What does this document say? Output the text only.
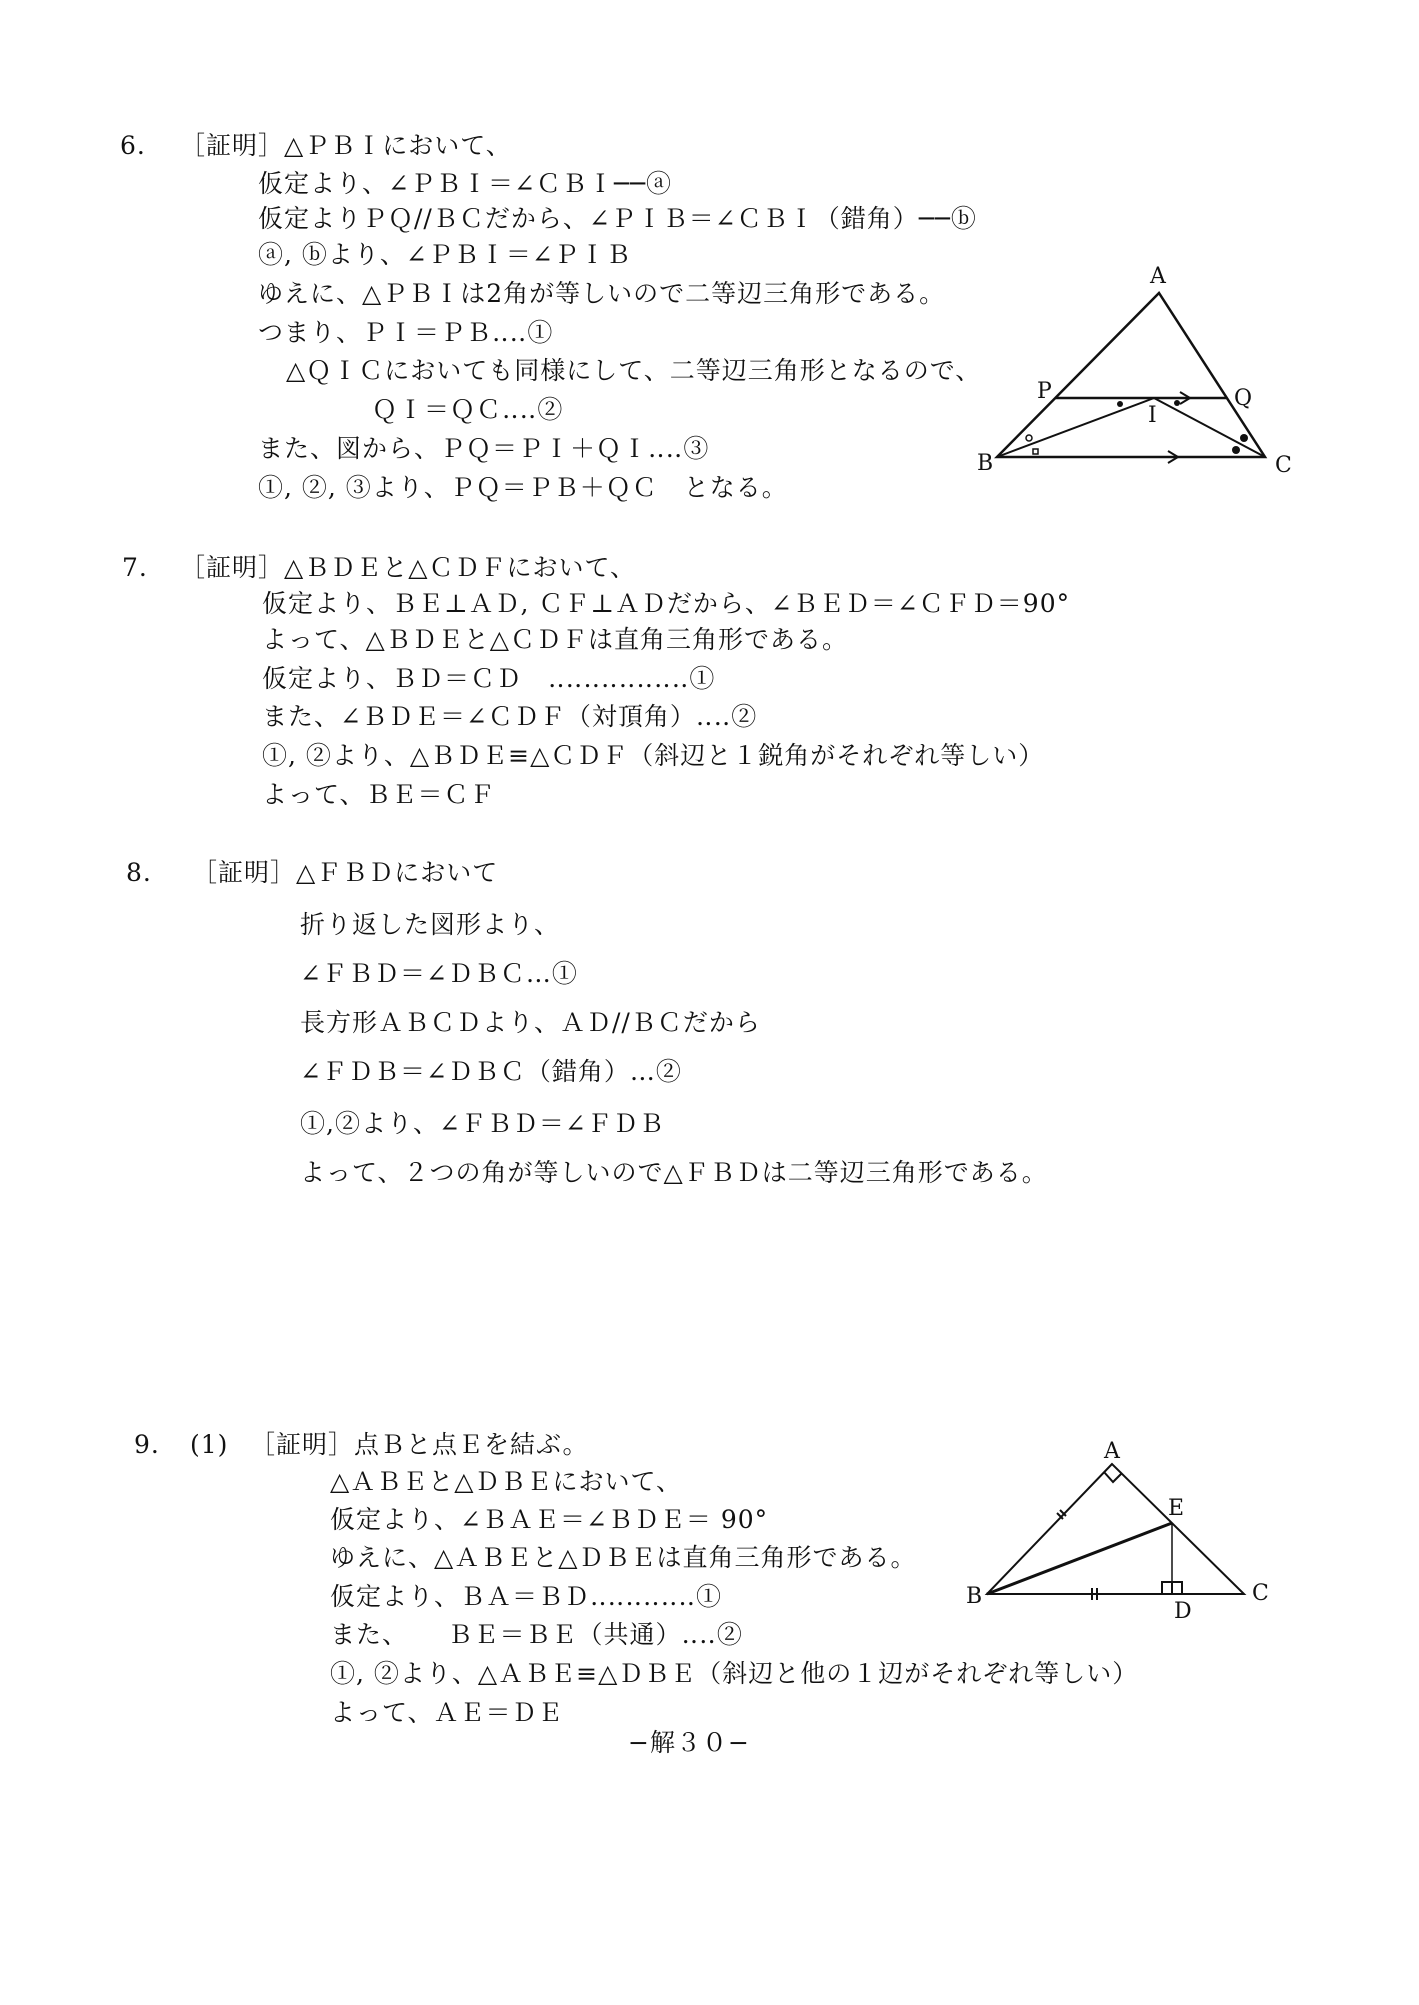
6. ［証明］△ＰＢＩにおいて、
仮定より、∠ＰＢＩ＝∠ＣＢＩ──ⓐ
仮定よりＰＱ//ＢＣだから、∠ＰＩＢ＝∠ＣＢＩ（錯角）──ⓑ
ⓐ, ⓑより、∠ＰＢＩ＝∠ＰＩＢ
ゆえに、△ＰＢＩは2角が等しいので二等辺三角形である。
つまり、ＰＩ＝ＰＢ‥‥①
△ＱＩＣにおいても同様にして、二等辺三角形となるので、
ＱＩ＝ＱＣ‥‥②
また、図から、ＰＱ＝ＰＩ＋ＱＩ‥‥③
①, ②, ③より、ＰＱ＝ＰＢ＋ＱＣ　となる。
A
B	C
P	Q
I
7. ［証明］△ＢＤＥと△ＣＤＦにおいて、
仮定より、ＢＥ⊥ＡＤ, ＣＦ⊥ＡＤだから、∠ＢＥＤ＝∠ＣＦＤ＝90°
よって、△ＢＤＥと△ＣＤＦは直角三角形である。
仮定より、ＢＤ＝ＣＤ　‥‥‥‥‥‥‥‥①
また、∠ＢＤＥ＝∠ＣＤＦ（対頂角）‥‥②
①, ②より、△ＢＤＥ≡△ＣＤＦ（斜辺と１鋭角がそれぞれ等しい）
よって、ＢＥ＝ＣＦ
8. ［証明］△ＦＢＤにおいて
折り返した図形より、
∠ＦＢＤ＝∠ＤＢＣ…①
長方形ＡＢＣＤより、ＡＤ//ＢＣだから
∠ＦＤＢ＝∠ＤＢＣ（錯角）…②
①,②より、∠ＦＢＤ＝∠ＦＤＢ
よって、２つの角が等しいので△ＦＢＤは二等辺三角形である。
9. (1) ［証明］点Ｂと点Ｅを結ぶ。
△ＡＢＥと△ＤＢＥにおいて、
仮定より、∠ＢＡＥ＝∠ＢＤＥ＝ 90°
ゆえに、△ＡＢＥと△ＤＢＥは直角三角形である。
仮定より、ＢＡ＝ＢＤ‥‥‥‥‥‥①
また、　　ＢＥ＝ＢＥ（共通）‥‥②
①, ②より、△ＡＢＥ≡△ＤＢＥ（斜辺と他の１辺がそれぞれ等しい）
よって、ＡＥ＝ＤＥ
A
B	C
D
E
−解３０−
